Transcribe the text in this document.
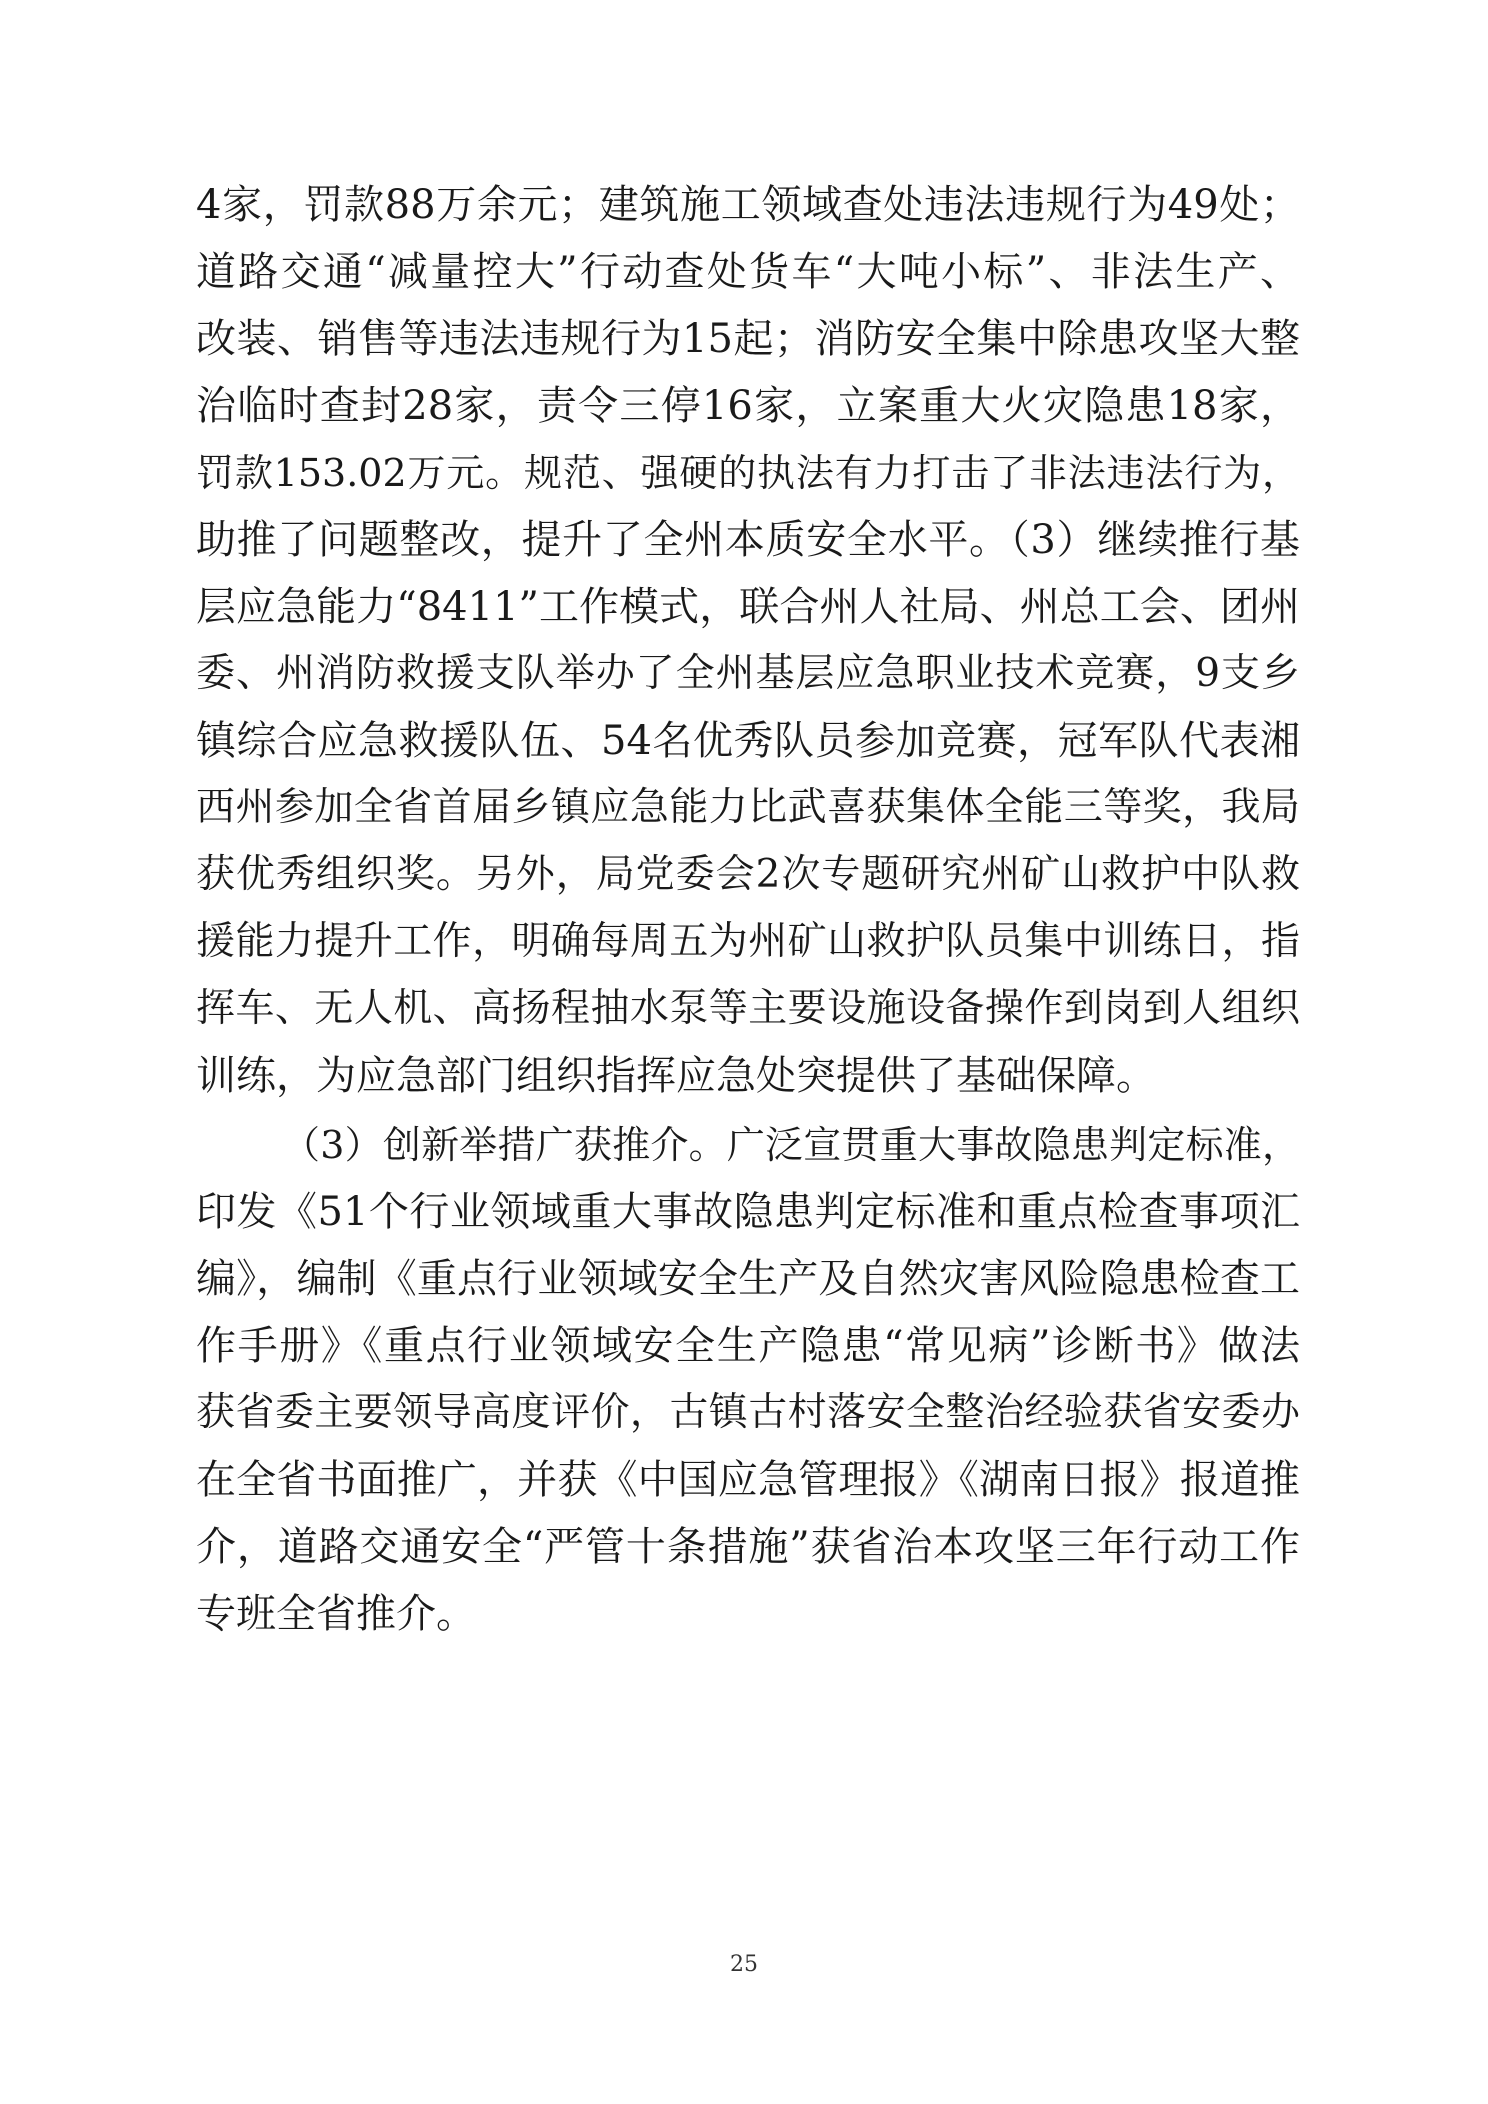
4家，罚款88万余元；建筑施工领域查处违法违规行为49处；
道路交通“减量控大”行动查处货车“大吨小标”、非法生产、
改装、销售等违法违规行为15起；消防安全集中除患攻坚大整
治临时查封28家，责令三停16家，立案重大火灾隐患18家，
罚款153.02万元。规范、强硬的执法有力打击了非法违法行为，
助推了问题整改，提升了全州本质安全水平。（3）继续推行基
层应急能力“8411”工作模式，联合州人社局、州总工会、团州
委、州消防救援支队举办了全州基层应急职业技术竞赛，9支乡
镇综合应急救援队伍、54名优秀队员参加竞赛，冠军队代表湘
西州参加全省首届乡镇应急能力比武喜获集体全能三等奖，我局
获优秀组织奖。另外，局党委会2次专题研究州矿山救护中队救
援能力提升工作，明确每周五为州矿山救护队员集中训练日，指
挥车、无人机、高扬程抽水泵等主要设施设备操作到岗到人组织
训练，为应急部门组织指挥应急处突提供了基础保障。
（3）创新举措广获推介。广泛宣贯重大事故隐患判定标准，
印发《51个行业领域重大事故隐患判定标准和重点检查事项汇
编》，编制《重点行业领域安全生产及自然灾害风险隐患检查工
作手册》《重点行业领域安全生产隐患“常见病”诊断书》做法
获省委主要领导高度评价，古镇古村落安全整治经验获省安委办
在全省书面推广，并获《中国应急管理报》《湖南日报》报道推
介，道路交通安全“严管十条措施”获省治本攻坚三年行动工作
专班全省推介。
25
